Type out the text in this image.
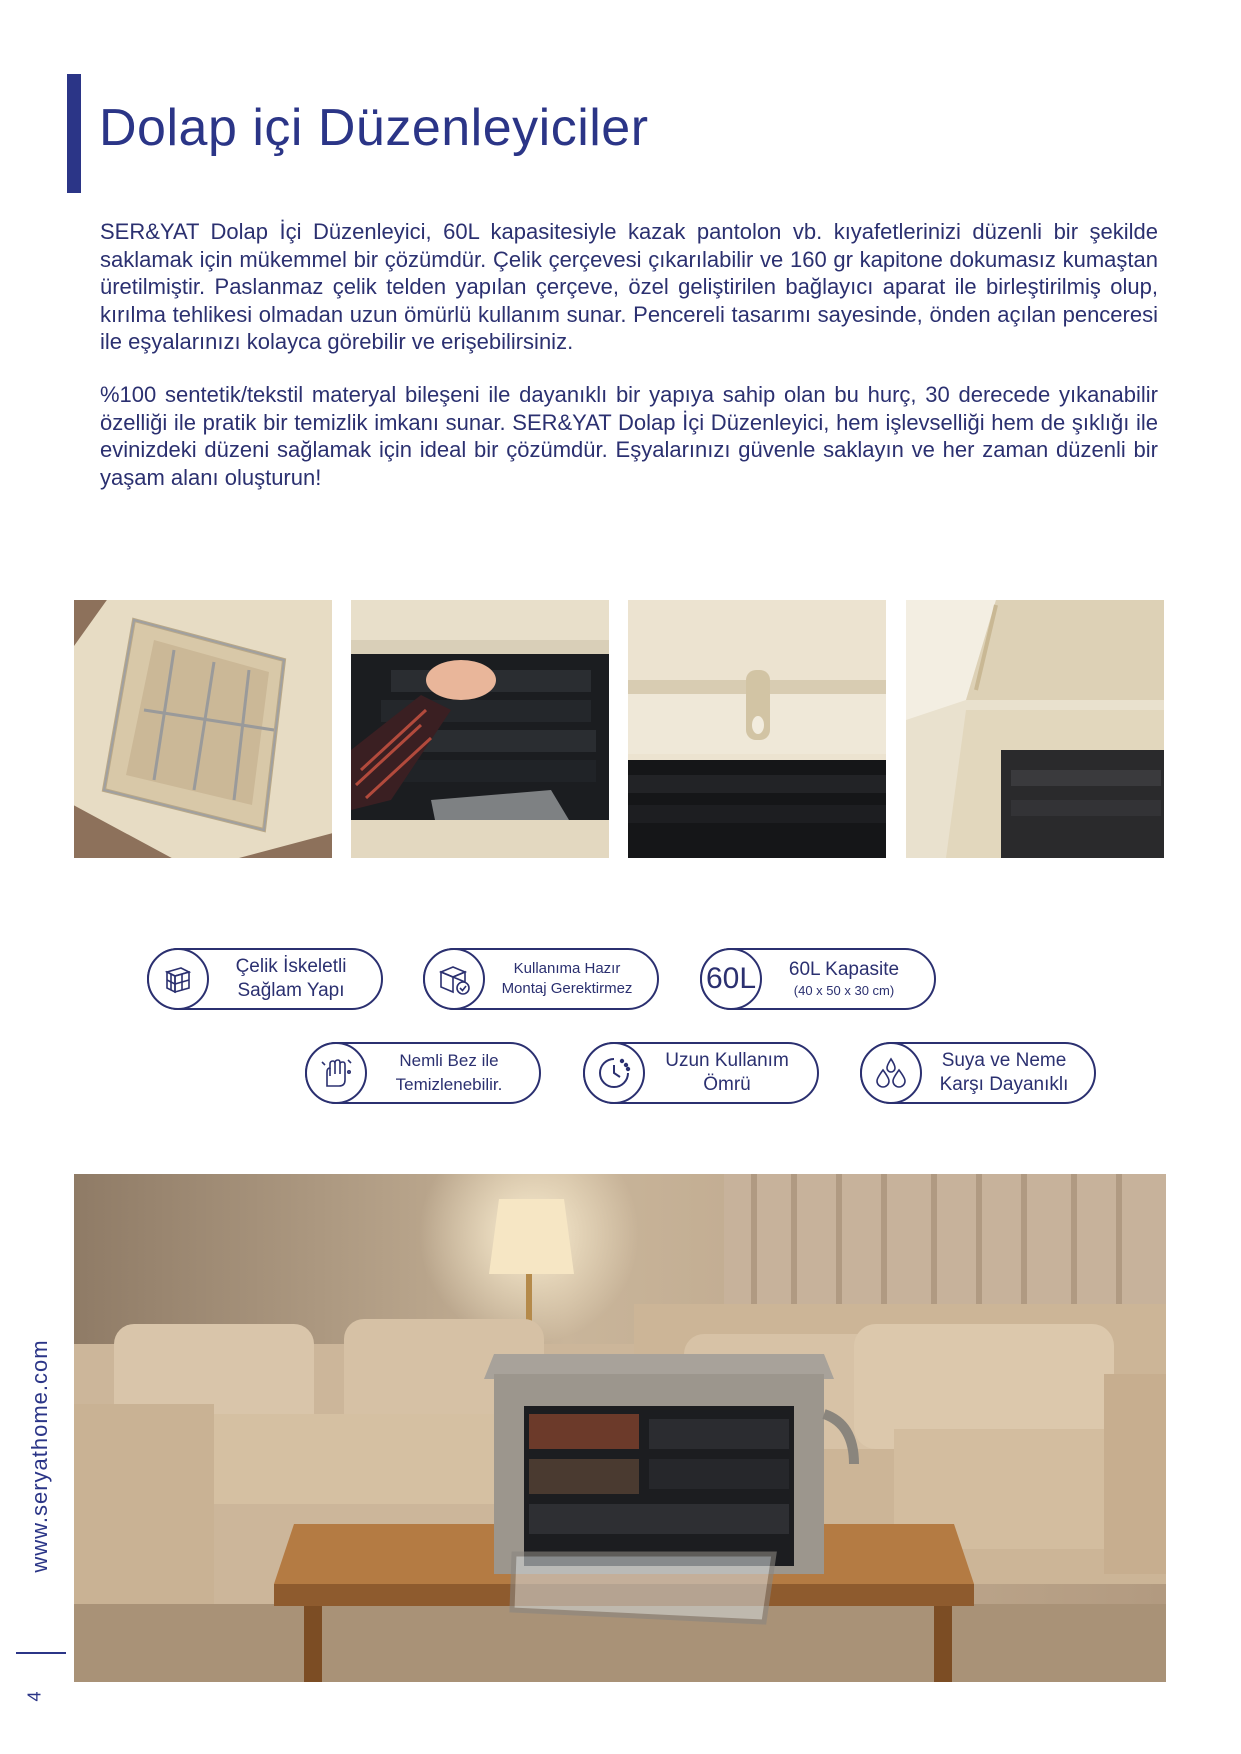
Dolap içi Düzenleyiciler

SER&YAT Dolap İçi Düzenleyici, 60L kapasitesiyle kazak pantolon vb. kıyafetlerinizi düzenli bir şekilde saklamak için mükemmel bir çözümdür. Çelik çerçevesi çıkarılabilir ve 160 gr kapitone dokumasız kumaştan üretilmiştir. Paslanmaz çelik telden yapılan çerçeve, özel geliştirilen bağlayıcı aparat ile birleştirilmiş olup, kırılma tehlikesi olmadan uzun ömürlü kullanım sunar. Pencereli tasarımı sayesinde, önden açılan penceresi ile eşyalarınızı kolayca görebilir ve erişebilirsiniz.

%100 sentetik/tekstil materyal bileşeni ile dayanıklı bir yapıya sahip olan bu hurç, 30 derecede yıkanabilir özelliği ile pratik bir temizlik imkanı sunar. SER&YAT Dolap İçi Düzenleyici, hem işlevselliği hem de şıklığı ile evinizdeki düzeni sağlamak için ideal bir çözümdür. Eşyalarınızı güvenle saklayın ve her zaman düzenli bir yaşam alanı oluşturun!

Çelik İskeletli
Sağlam Yapı
Kullanıma Hazır
Montaj Gerektirmez 60L	60L Kapasite
(40 x 50 x 30 cm)
Nemli Bez ile
Temizlenebilir.
Uzun Kullanım
Ömrü
Suya ve Neme
Karşı Dayanıklı
www.seryathome.com
4
